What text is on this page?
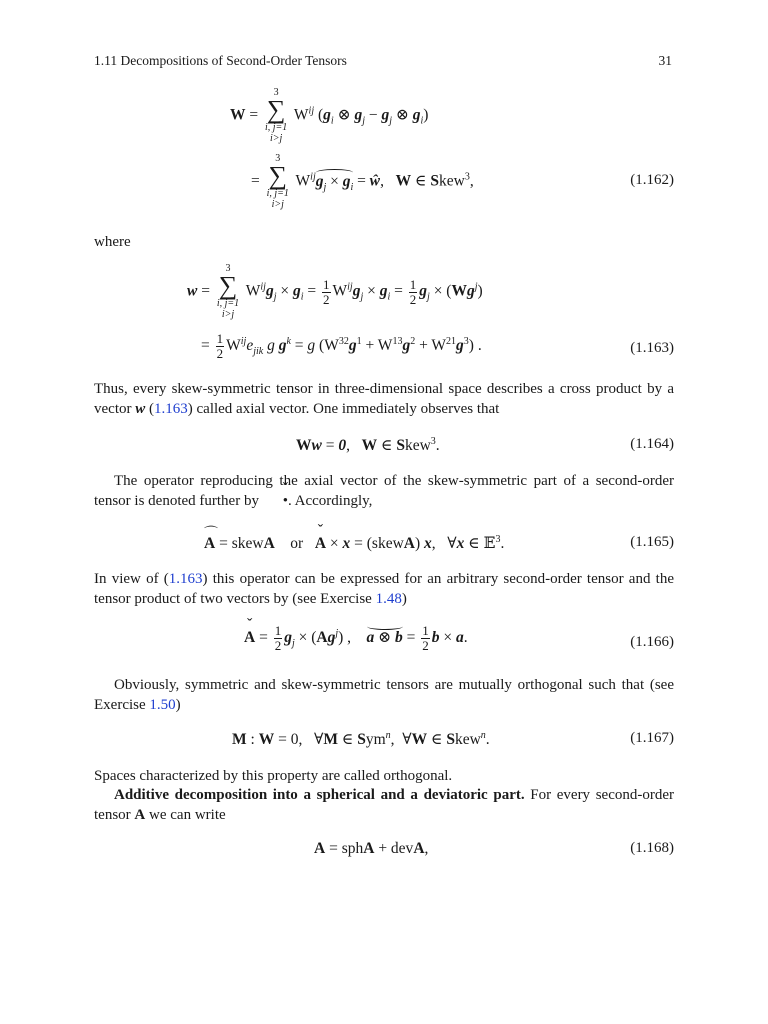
1.11 Decompositions of Second-Order Tensors	31
W =
3
∑
i, j=1
i>j
$W^{ij}$ ($g_i$ ⊗ $g_j - g_j$ ⊗ $g_i$)
=
3
∑
i, j=1
i>j
$W^{ij}g_j \times g_i$ = ŵ,   W ∈ Skew$^3$,	(1.162)
where
w =
3
∑
i, j=1
i>j
$W^{ij}g_j \times g_i = \frac{1}{2} W^{ij}g_j \times g_i = \frac{1}{2} g_j \times (Wg^j)$
= $\frac{1}{2} W^{ij}e_{jik}$ g $g^k = g$ $(W^{32}g^1 + W^{13}g^2 + W^{21}g^3)$ .	(1.163)
Thus, every skew-symmetric tensor in three-dimensional space describes a cross product by a vector w (1.163) called axial vector. One immediately observes that
Ww = 0,   W ∈ Skew$^3$.	(1.164)
The operator reproducing the axial vector of the skew-symmetric part of a second-order tensor is denoted further by ˇ •. Accordingly,
⌒ A = skewA    or   ˇ A × x = (skewA) x,   ∀x ∈ 𝔼$^3$.	(1.165)
In view of (1.163) this operator can be expressed for an arbitrary second-order tensor and the tensor product of two vectors by (see Exercise 1.48)
ˇ $A = \frac{1}{2} g_j \times (Ag^j)$ ,    a ⊗ $b = \frac{1}{2}$ b × a.	(1.166)
Obviously, symmetric and skew-symmetric tensors are mutually orthogonal such that (see Exercise 1.50)
M : W = 0,   ∀M ∈ Sym$^n$,  ∀W ∈ Skew$^n$.	(1.167)
Spaces characterized by this property are called orthogonal.
Additive decomposition into a spherical and a deviatoric part. For every second-order tensor A we can write
A = sphA + devA,	(1.168)
